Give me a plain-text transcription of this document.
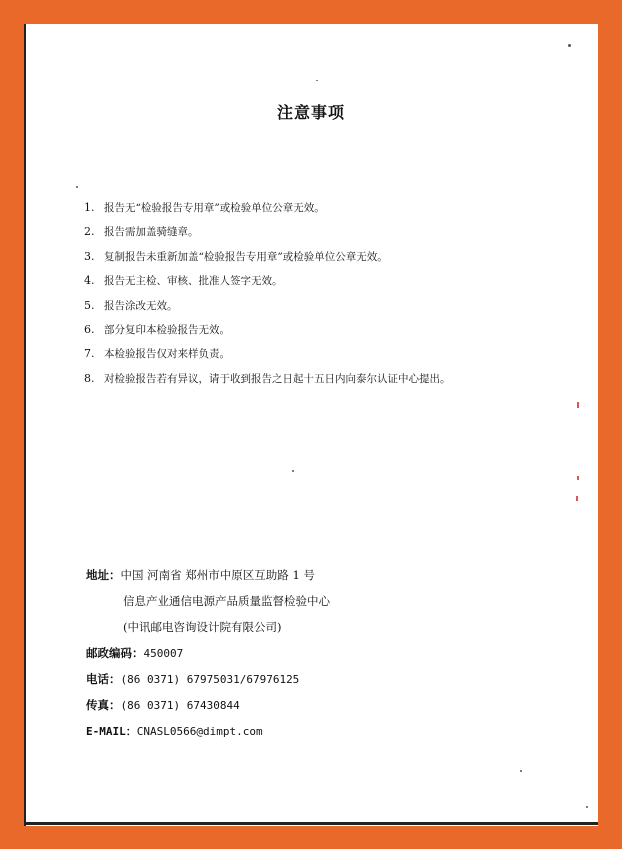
注意事项
1. 报告无“检验报告专用章”或检验单位公章无效。
2. 报告需加盖骑缝章。
3. 复制报告未重新加盖“检验报告专用章”或检验单位公章无效。
4. 报告无主检、审核、批准人签字无效。
5. 报告涂改无效。
6. 部分复印本检验报告无效。
7. 本检验报告仅对来样负责。
8. 对检验报告若有异议，请于收到报告之日起十五日内向泰尔认证中心提出。
地址：中国 河南省 郑州市中原区互助路 1 号
信息产业通信电源产品质量监督检验中心
(中讯邮电咨询设计院有限公司)
邮政编码：450007
电话：(86 0371) 67975031/67976125
传真：(86 0371) 67430844
E-MAIL：CNASL0566@dimpt.com
